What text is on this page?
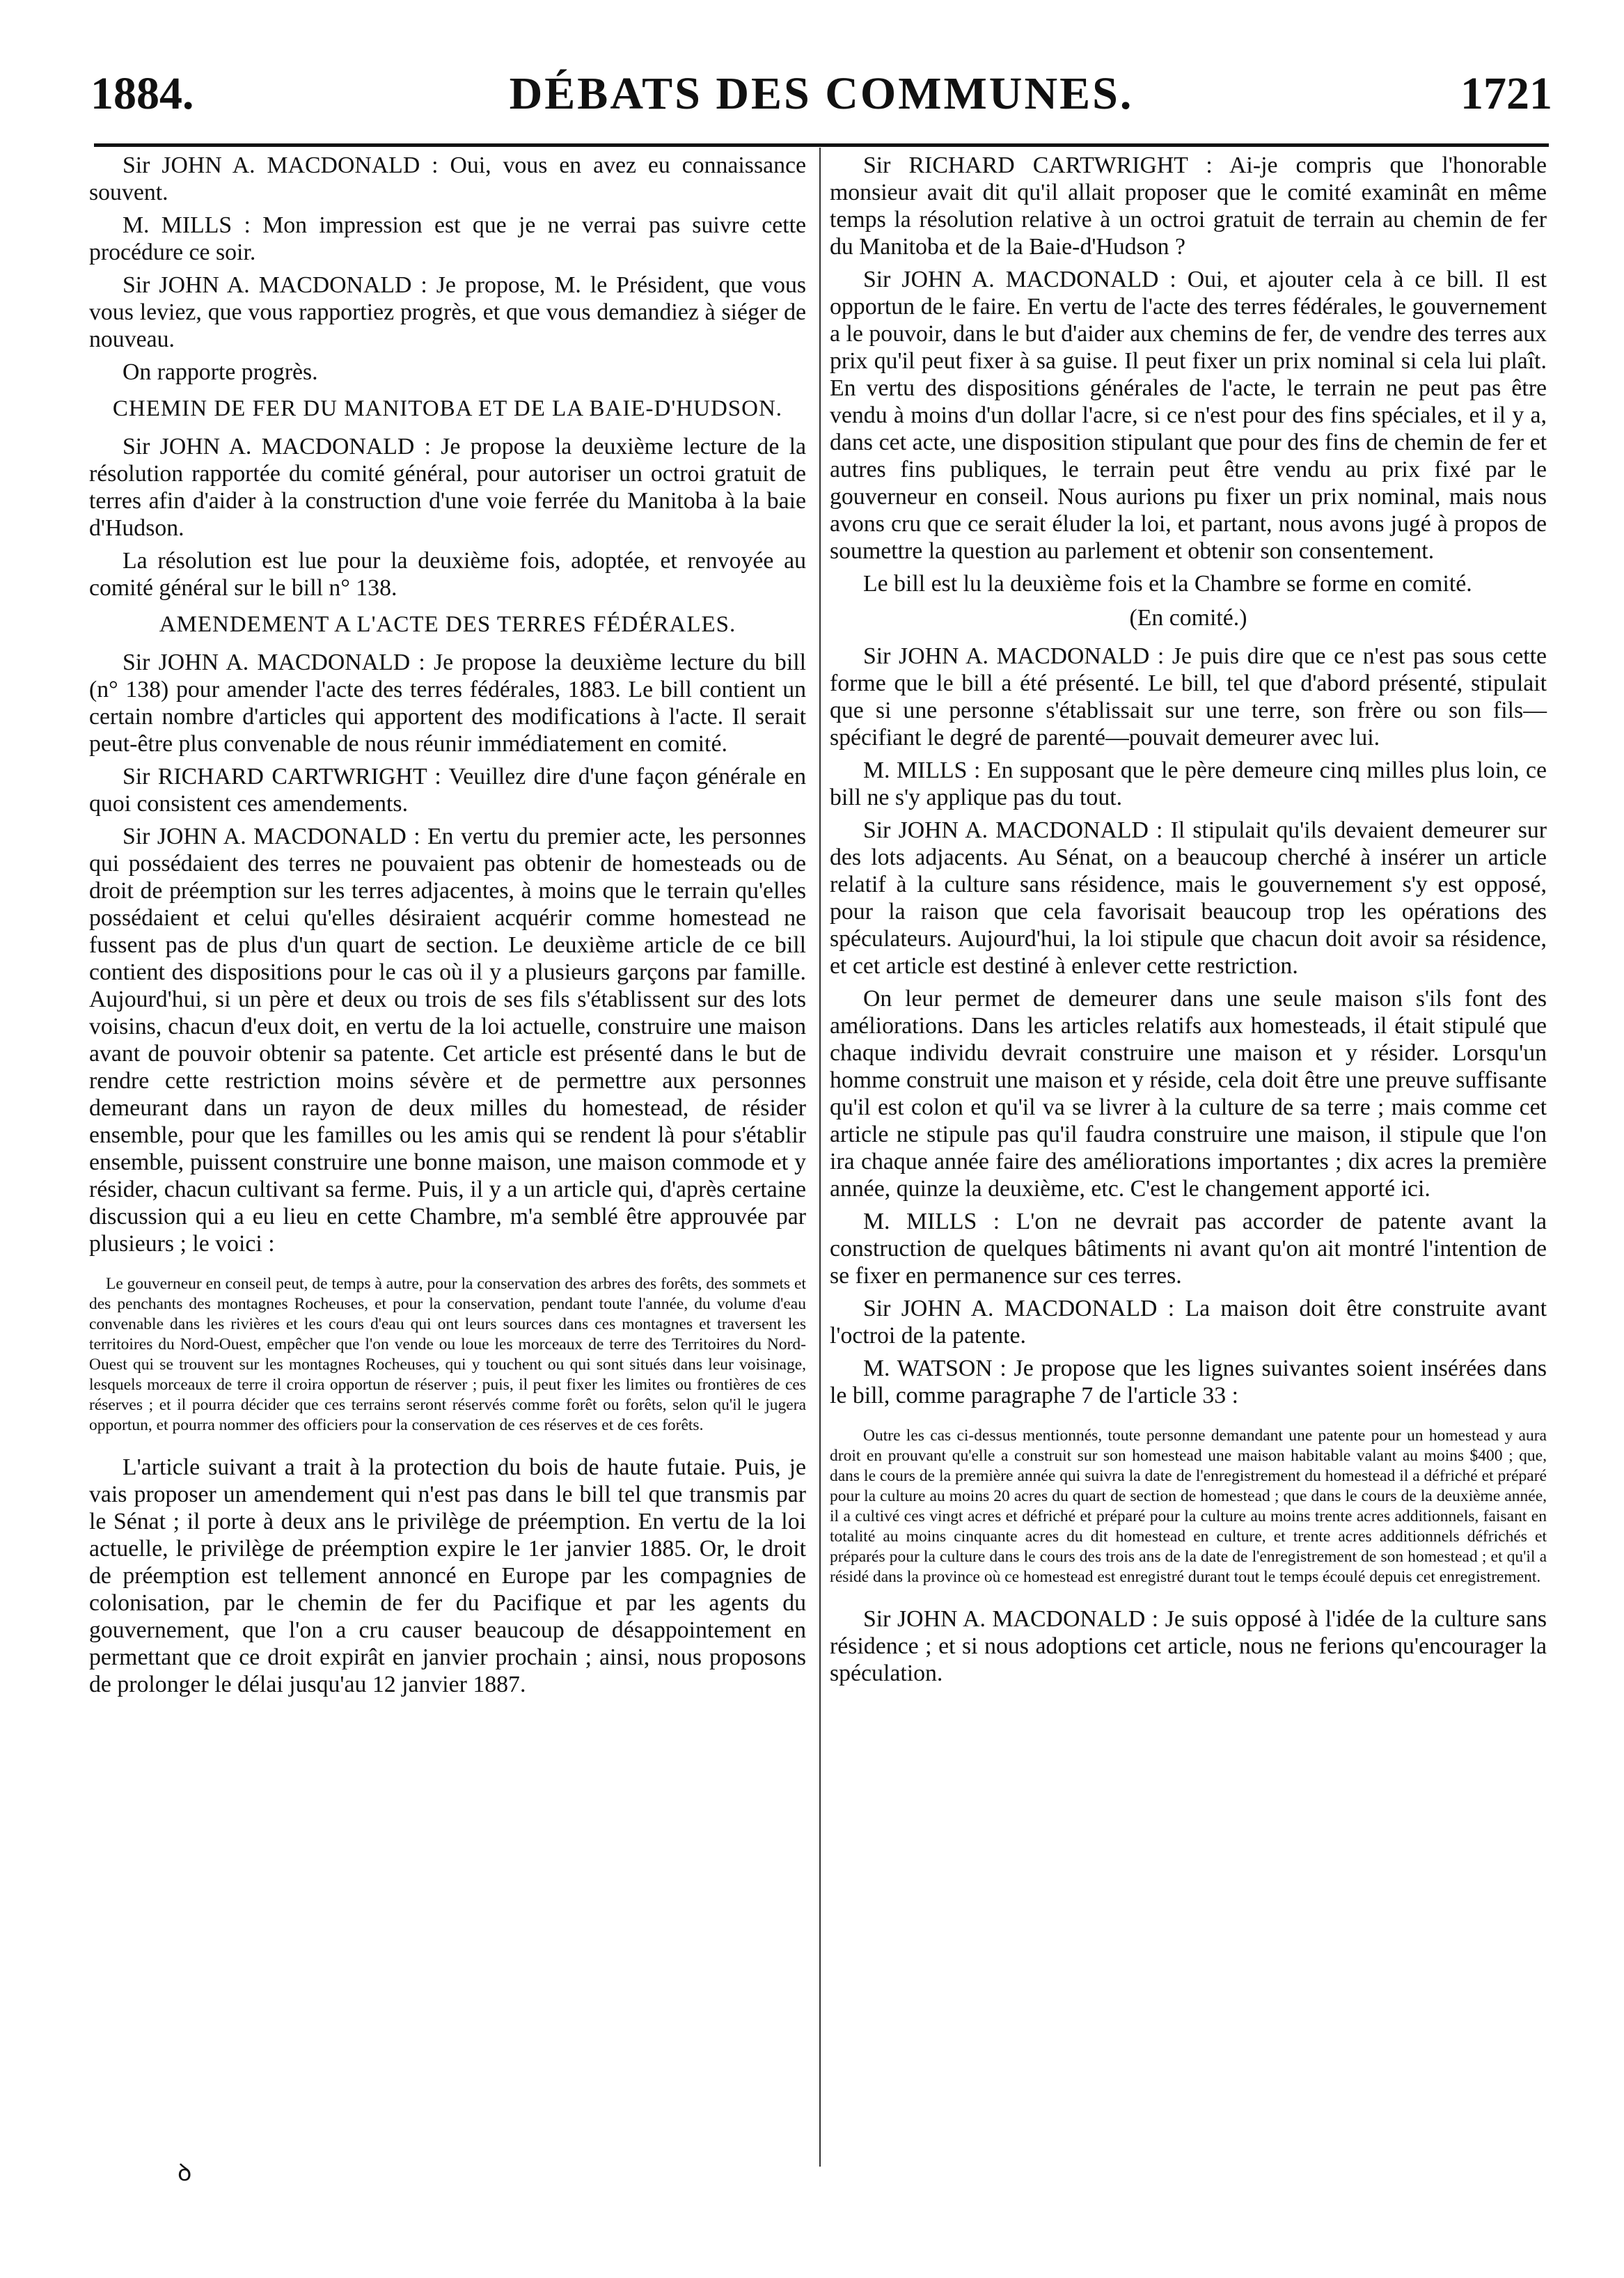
DÉBATS DES COMMUNES.
1884.	1721

Sir JOHN A. MACDONALD : Oui, vous en avez eu connaissance souvent.

M. MILLS : Mon impression est que je ne verrai pas suivre cette procédure ce soir.

Sir JOHN A. MACDONALD : Je propose, M. le Président, que vous vous leviez, que vous rapportiez progrès, et que vous demandiez à siéger de nouveau.

On rapporte progrès.

CHEMIN DE FER DU MANITOBA ET DE LA BAIE-D'HUDSON.

Sir JOHN A. MACDONALD : Je propose la deuxième lecture de la résolution rapportée du comité général, pour autoriser un octroi gratuit de terres afin d'aider à la construction d'une voie ferrée du Manitoba à la baie d'Hudson.

La résolution est lue pour la deuxième fois, adoptée, et renvoyée au comité général sur le bill n° 138.

AMENDEMENT A L'ACTE DES TERRES FÉDÉRALES.

Sir JOHN A. MACDONALD : Je propose la deuxième lecture du bill (n° 138) pour amender l'acte des terres fédérales, 1883. Le bill contient un certain nombre d'articles qui apportent des modifications à l'acte. Il serait peut-être plus convenable de nous réunir immédiatement en comité.

Sir RICHARD CARTWRIGHT : Veuillez dire d'une façon générale en quoi consistent ces amendements.

Sir JOHN A. MACDONALD : En vertu du premier acte, les personnes qui possédaient des terres ne pouvaient pas obtenir de homesteads ou de droit de préemption sur les terres adjacentes, à moins que le terrain qu'elles possédaient et celui qu'elles désiraient acquérir comme homestead ne fussent pas de plus d'un quart de section. Le deuxième article de ce bill contient des dispositions pour le cas où il y a plusieurs garçons par famille. Aujourd'hui, si un père et deux ou trois de ses fils s'établissent sur des lots voisins, chacun d'eux doit, en vertu de la loi actuelle, construire une maison avant de pouvoir obtenir sa patente. Cet article est présenté dans le but de rendre cette restriction moins sévère et de permettre aux personnes demeurant dans un rayon de deux milles du homestead, de résider ensemble, pour que les familles ou les amis qui se rendent là pour s'établir ensemble, puissent construire une bonne maison, une maison commode et y résider, chacun cultivant sa ferme. Puis, il y a un article qui, d'après certaine discussion qui a eu lieu en cette Chambre, m'a semblé être approuvée par plusieurs ; le voici :

Le gouverneur en conseil peut, de temps à autre, pour la conservation des arbres des forêts, des sommets et des penchants des montagnes Rocheuses, et pour la conservation, pendant toute l'année, du volume d'eau convenable dans les rivières et les cours d'eau qui ont leurs sources dans ces montagnes et traversent les territoires du Nord-Ouest, empêcher que l'on vende ou loue les morceaux de terre des Territoires du Nord-Ouest qui se trouvent sur les montagnes Rocheuses, qui y touchent ou qui sont situés dans leur voisinage, lesquels morceaux de terre il croira opportun de réserver ; puis, il peut fixer les limites ou frontières de ces réserves ; et il pourra décider que ces terrains seront réservés comme forêt ou forêts, selon qu'il le jugera opportun, et pourra nommer des officiers pour la conservation de ces réserves et de ces forêts.

L'article suivant a trait à la protection du bois de haute futaie. Puis, je vais proposer un amendement qui n'est pas dans le bill tel que transmis par le Sénat ; il porte à deux ans le privilège de préemption. En vertu de la loi actuelle, le privilège de préemption expire le 1er janvier 1885. Or, le droit de préemption est tellement annoncé en Europe par les compagnies de colonisation, par le chemin de fer du Pacifique et par les agents du gouvernement, que l'on a cru causer beaucoup de désappointement en permettant que ce droit expirât en janvier prochain ; ainsi, nous proposons de prolonger le délai jusqu'au 12 janvier 1887.

ꝺ

Sir RICHARD CARTWRIGHT : Ai-je compris que l'honorable monsieur avait dit qu'il allait proposer que le comité examinât en même temps la résolution relative à un octroi gratuit de terrain au chemin de fer du Manitoba et de la Baie-d'Hudson ?

Sir JOHN A. MACDONALD : Oui, et ajouter cela à ce bill. Il est opportun de le faire. En vertu de l'acte des terres fédérales, le gouvernement a le pouvoir, dans le but d'aider aux chemins de fer, de vendre des terres aux prix qu'il peut fixer à sa guise. Il peut fixer un prix nominal si cela lui plaît. En vertu des dispositions générales de l'acte, le terrain ne peut pas être vendu à moins d'un dollar l'acre, si ce n'est pour des fins spéciales, et il y a, dans cet acte, une disposition stipulant que pour des fins de chemin de fer et autres fins publiques, le terrain peut être vendu au prix fixé par le gouverneur en conseil. Nous aurions pu fixer un prix nominal, mais nous avons cru que ce serait éluder la loi, et partant, nous avons jugé à propos de soumettre la question au parlement et obtenir son consentement.

Le bill est lu la deuxième fois et la Chambre se forme en comité.

(En comité.)

Sir JOHN A. MACDONALD : Je puis dire que ce n'est pas sous cette forme que le bill a été présenté. Le bill, tel que d'abord présenté, stipulait que si une personne s'établissait sur une terre, son frère ou son fils—spécifiant le degré de parenté—pouvait demeurer avec lui.

M. MILLS : En supposant que le père demeure cinq milles plus loin, ce bill ne s'y applique pas du tout.

Sir JOHN A. MACDONALD : Il stipulait qu'ils devaient demeurer sur des lots adjacents. Au Sénat, on a beaucoup cherché à insérer un article relatif à la culture sans résidence, mais le gouvernement s'y est opposé, pour la raison que cela favorisait beaucoup trop les opérations des spéculateurs. Aujourd'hui, la loi stipule que chacun doit avoir sa résidence, et cet article est destiné à enlever cette restriction.

On leur permet de demeurer dans une seule maison s'ils font des améliorations. Dans les articles relatifs aux homesteads, il était stipulé que chaque individu devrait construire une maison et y résider. Lorsqu'un homme construit une maison et y réside, cela doit être une preuve suffisante qu'il est colon et qu'il va se livrer à la culture de sa terre ; mais comme cet article ne stipule pas qu'il faudra construire une maison, il stipule que l'on ira chaque année faire des améliorations importantes ; dix acres la première année, quinze la deuxième, etc. C'est le changement apporté ici.

M. MILLS : L'on ne devrait pas accorder de patente avant la construction de quelques bâtiments ni avant qu'on ait montré l'intention de se fixer en permanence sur ces terres.

Sir JOHN A. MACDONALD : La maison doit être construite avant l'octroi de la patente.

M. WATSON : Je propose que les lignes suivantes soient insérées dans le bill, comme paragraphe 7 de l'article 33 :

Outre les cas ci-dessus mentionnés, toute personne demandant une patente pour un homestead y aura droit en prouvant qu'elle a construit sur son homestead une maison habitable valant au moins $400 ; que, dans le cours de la première année qui suivra la date de l'enregistrement du homestead il a défriché et préparé pour la culture au moins 20 acres du quart de section de homestead ; que dans le cours de la deuxième année, il a cultivé ces vingt acres et défriché et préparé pour la culture au moins trente acres additionnels, faisant en totalité au moins cinquante acres du dit homestead en culture, et trente acres additionnels défrichés et préparés pour la culture dans le cours des trois ans de la date de l'enregistrement de son homestead ; et qu'il a résidé dans la province où ce homestead est enregistré durant tout le temps écoulé depuis cet enregistrement.

Sir JOHN A. MACDONALD : Je suis opposé à l'idée de la culture sans résidence ; et si nous adoptions cet article, nous ne ferions qu'encourager la spéculation.
